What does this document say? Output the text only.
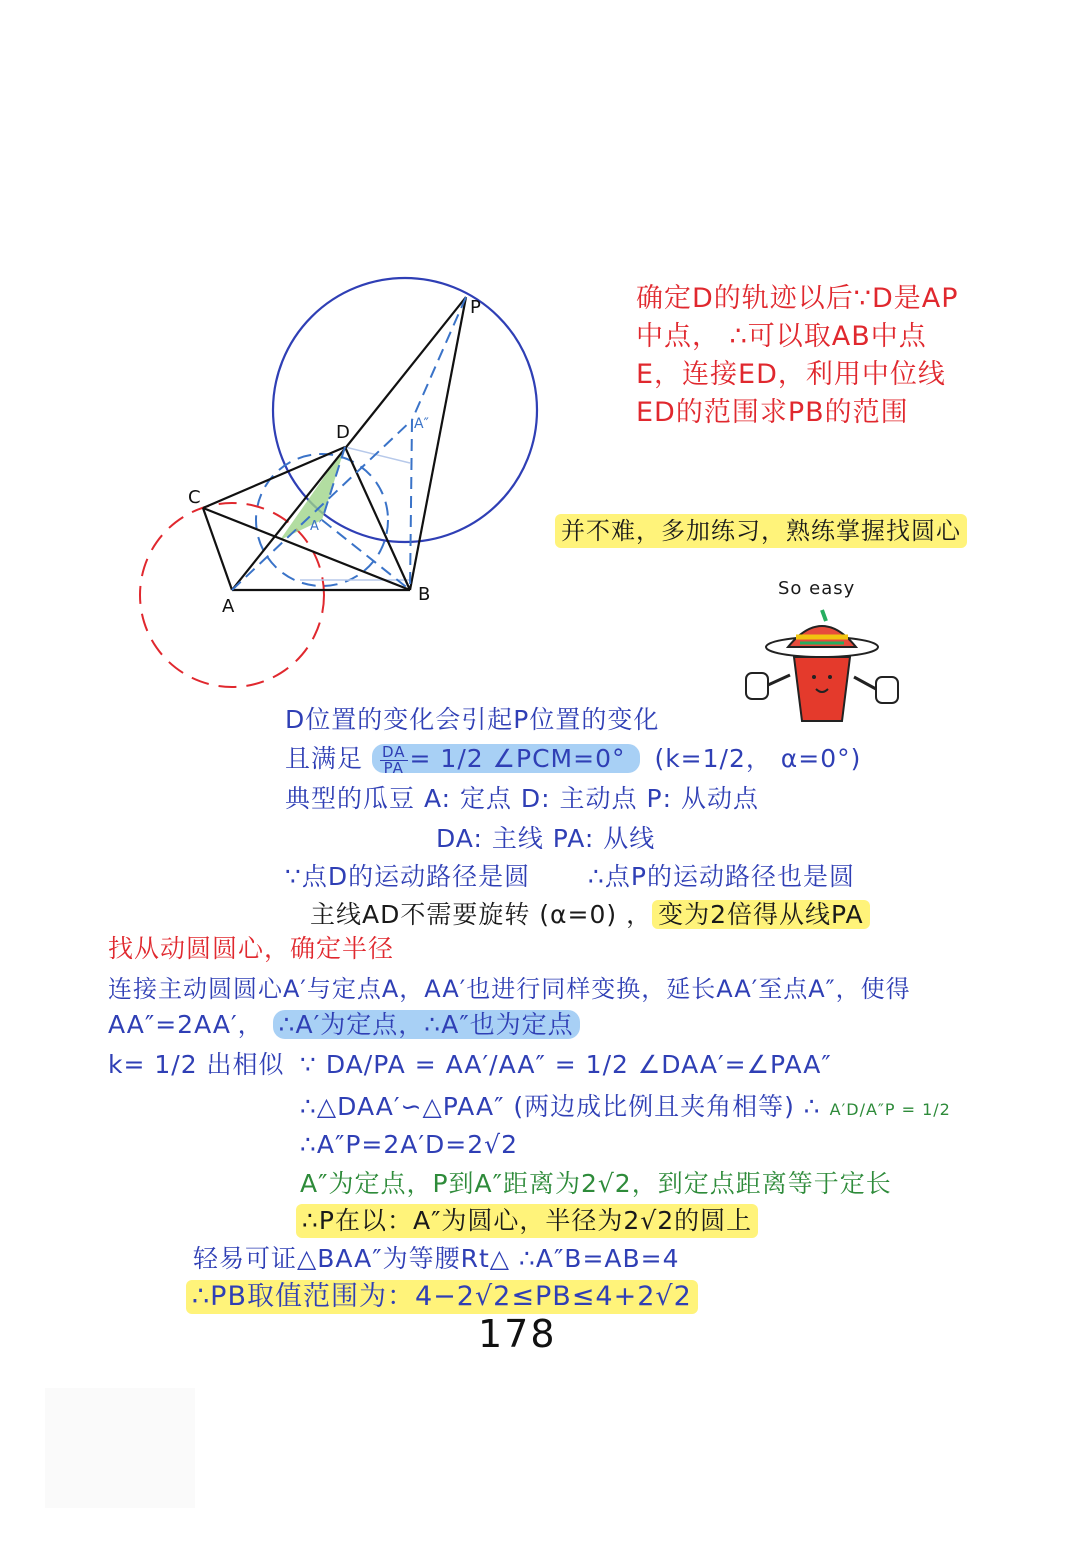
P
D
C
A
B
A′
A″
确定D的轨迹以后∵D是AP
中点， ∴可以取AB中点
E，连接ED，利用中位线
ED的范围求PB的范围
并不难，多加练习，熟练掌握找圆心
So easy
D位置的变化会引起P位置的变化
且满足 $\frac{DA}{PA} = 1/2$ ∠PCM=0° (k=1/2， α=0°)
典型的瓜豆 A: 定点 D: 主动点 P: 从动点
DA: 主线 PA: 从线
∵点D的运动路径是圆 ∴点P的运动路径也是圆
主线AD不需要旋转 (α=0) ， 变为2倍得从线PA
找从动圆圆心，确定半径
连接主动圆圆心A′与定点A，AA′也进行同样变换，延长AA′至点A″，使得
AA″=2AA′， ∴A′为定点，∴A″也为定点
k= 1/2 出相似 ∵ DA/PA = AA′/AA″ = 1/2 ∠DAA′=∠PAA″
∴△DAA′∽△PAA″ (两边成比例且夹角相等) ∴ A′D/A″P = 1/2
∴A″P=2A′D=2√2
A″为定点，P到A″距离为2√2，到定点距离等于定长
∴P在以：A″为圆心，半径为2√2的圆上
轻易可证△BAA″为等腰Rt△ ∴A″B=AB=4
∴PB取值范围为：4−2√2≤PB≤4+2√2
178
